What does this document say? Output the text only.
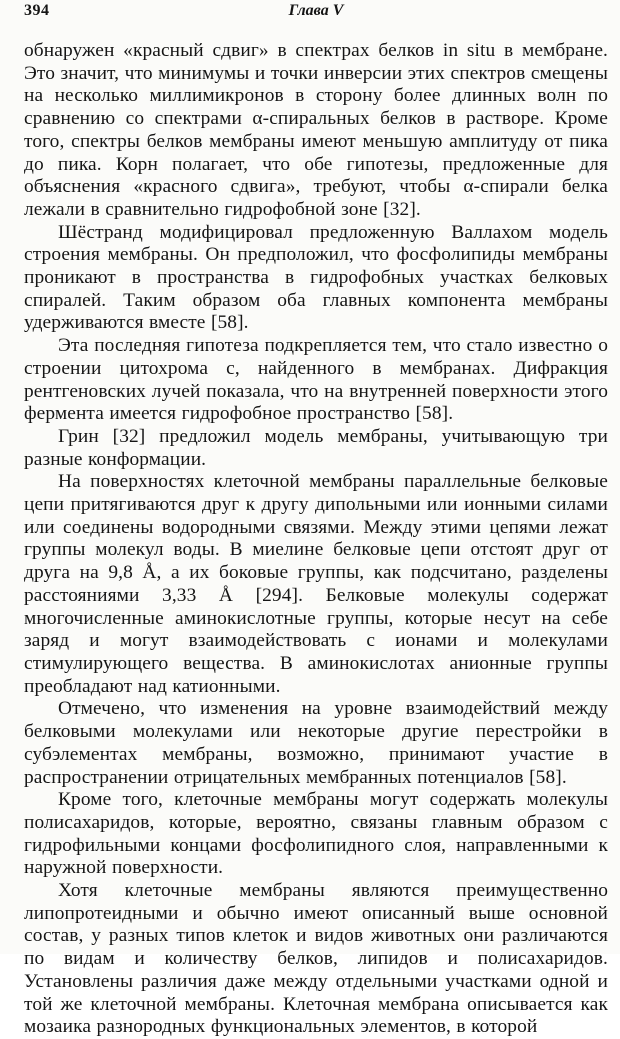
394	Глава V

обнаружен «красный сдвиг» в спектрах белков in situ в мембране. Это значит, что минимумы и точки инверсии этих спектров смещены на несколько миллимикронов в сторону более длинных волн по сравнению со спектрами α-спиральных белков в растворе. Кроме того, спектры белков мембраны имеют меньшую амплитуду от пика до пика. Корн полагает, что обе гипотезы, предложенные для объяснения «красного сдвига», требуют, чтобы α-спирали белка лежали в сравнительно гидрофобной зоне [32].

Шёстранд модифицировал предложенную Валлахом модель строения мембраны. Он предположил, что фосфолипиды мембраны проникают в пространства в гидрофобных участках белковых спиралей. Таким образом оба главных компонента мембраны удерживаются вместе [58].

Эта последняя гипотеза подкрепляется тем, что стало известно о строении цитохрома с, найденного в мембранах. Дифракция рентгеновских лучей показала, что на внутренней поверхности этого фермента имеется гидрофобное пространство [58].

Грин [32] предложил модель мембраны, учитывающую три разные конформации.

На поверхностях клеточной мембраны параллельные белковые цепи притягиваются друг к другу дипольными или ионными силами или соединены водородными связями. Между этими цепями лежат группы молекул воды. В миелине белковые цепи отстоят друг от друга на 9,8 Å, а их боковые группы, как подсчитано, разделены расстояниями 3,33 Å [294]. Белковые молекулы содержат многочисленные аминокислотные группы, которые несут на себе заряд и могут взаимодействовать с ионами и молекулами стимулирующего вещества. В аминокислотах анионные группы преобладают над катионными.

Отмечено, что изменения на уровне взаимодействий между белковыми молекулами или некоторые другие перестройки в субэлементах мембраны, возможно, принимают участие в распространении отрицательных мембранных потенциалов [58].

Кроме того, клеточные мембраны могут содержать молекулы полисахаридов, которые, вероятно, связаны главным образом с гидрофильными концами фосфолипидного слоя, направленными к наружной поверхности.

Хотя клеточные мембраны являются преимущественно липопротеидными и обычно имеют описанный выше основной состав, у разных типов клеток и видов животных они различаются по видам и количеству белков, липидов и полисахаридов. Установлены различия даже между отдельными участками одной и той же клеточной мембраны. Клеточная мембрана описывается как мозаика разнородных функциональных элементов, в которой
